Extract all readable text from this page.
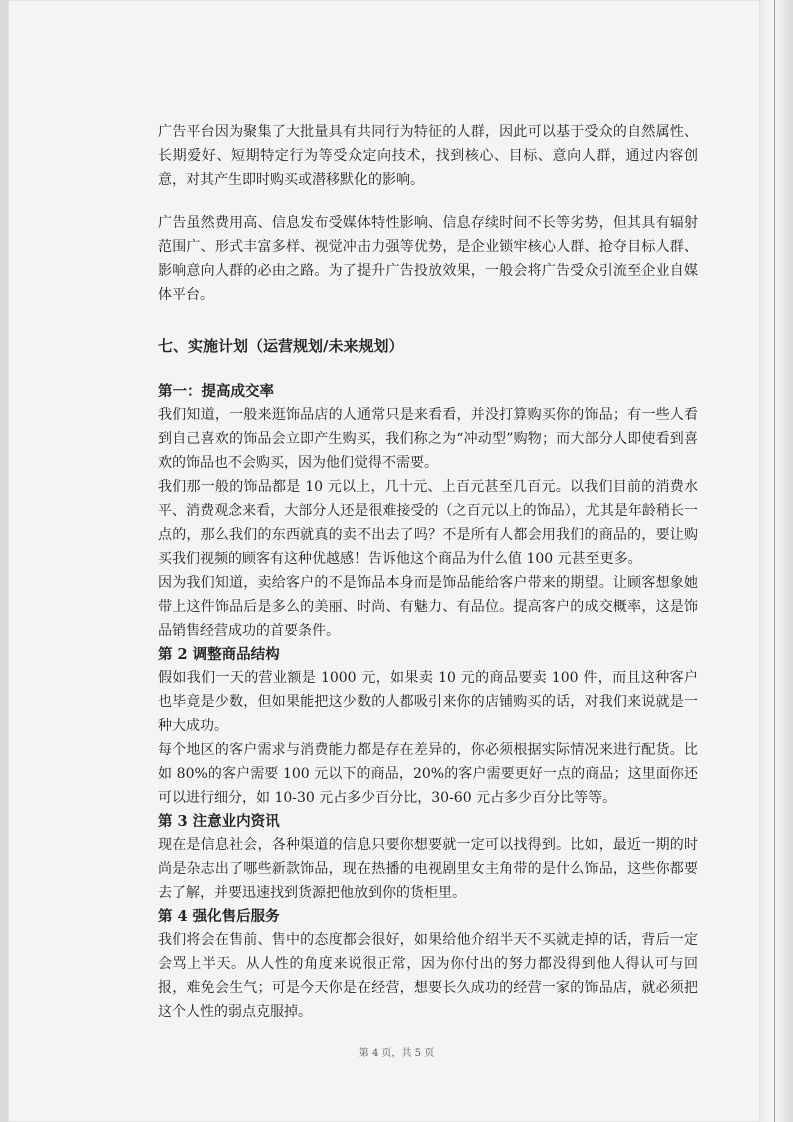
广告平台因为聚集了大批量具有共同行为特征的人群，因此可以基于受众的自然属性、长期爱好、短期特定行为等受众定向技术，找到核心、目标、意向人群，通过内容创意，对其产生即时购买或潜移默化的影响。

广告虽然费用高、信息发布受媒体特性影响、信息存续时间不长等劣势，但其具有辐射范围广、形式丰富多样、视觉冲击力强等优势，是企业锁牢核心人群、抢夺目标人群、影响意向人群的必由之路。为了提升广告投放效果，一般会将广告受众引流至企业自媒体平台。

七、实施计划（运营规划/未来规划）

第一：提高成交率

我们知道，一般来逛饰品店的人通常只是来看看，并没打算购买你的饰品；有一些人看到自己喜欢的饰品会立即产生购买，我们称之为“冲动型”购物；而大部分人即使看到喜欢的饰品也不会购买，因为他们觉得不需要。

我们那一般的饰品都是 10 元以上，几十元、上百元甚至几百元。以我们目前的消费水平、消费观念来看，大部分人还是很难接受的（之百元以上的饰品），尤其是年龄稍长一点的，那么我们的东西就真的卖不出去了吗？不是所有人都会用我们的商品的，要让购买我们视频的顾客有这种优越感！告诉他这个商品为什么值 100 元甚至更多。

因为我们知道，卖给客户的不是饰品本身而是饰品能给客户带来的期望。让顾客想象她带上这件饰品后是多么的美丽、时尚、有魅力、有品位。提高客户的成交概率，这是饰品销售经营成功的首要条件。

第 2 调整商品结构

假如我们一天的营业额是 1000 元，如果卖 10 元的商品要卖 100 件，而且这种客户也毕竟是少数，但如果能把这少数的人都吸引来你的店铺购买的话，对我们来说就是一种大成功。

每个地区的客户需求与消费能力都是存在差异的，你必须根据实际情况来进行配货。比如 80%的客户需要 100 元以下的商品，20%的客户需要更好一点的商品；这里面你还可以进行细分，如 10-30 元占多少百分比，30-60 元占多少百分比等等。

第 3 注意业内资讯

现在是信息社会，各种渠道的信息只要你想要就一定可以找得到。比如，最近一期的时尚是杂志出了哪些新款饰品，现在热播的电视剧里女主角带的是什么饰品，这些你都要去了解，并要迅速找到货源把他放到你的货柜里。

第 4 强化售后服务

我们将会在售前、售中的态度都会很好，如果给他介绍半天不买就走掉的话，背后一定会骂上半天。从人性的角度来说很正常，因为你付出的努力都没得到他人得认可与回报，难免会生气；可是今天你是在经营，想要长久成功的经营一家的饰品店，就必须把这个人性的弱点克服掉。

第 4 页，共 5 页
